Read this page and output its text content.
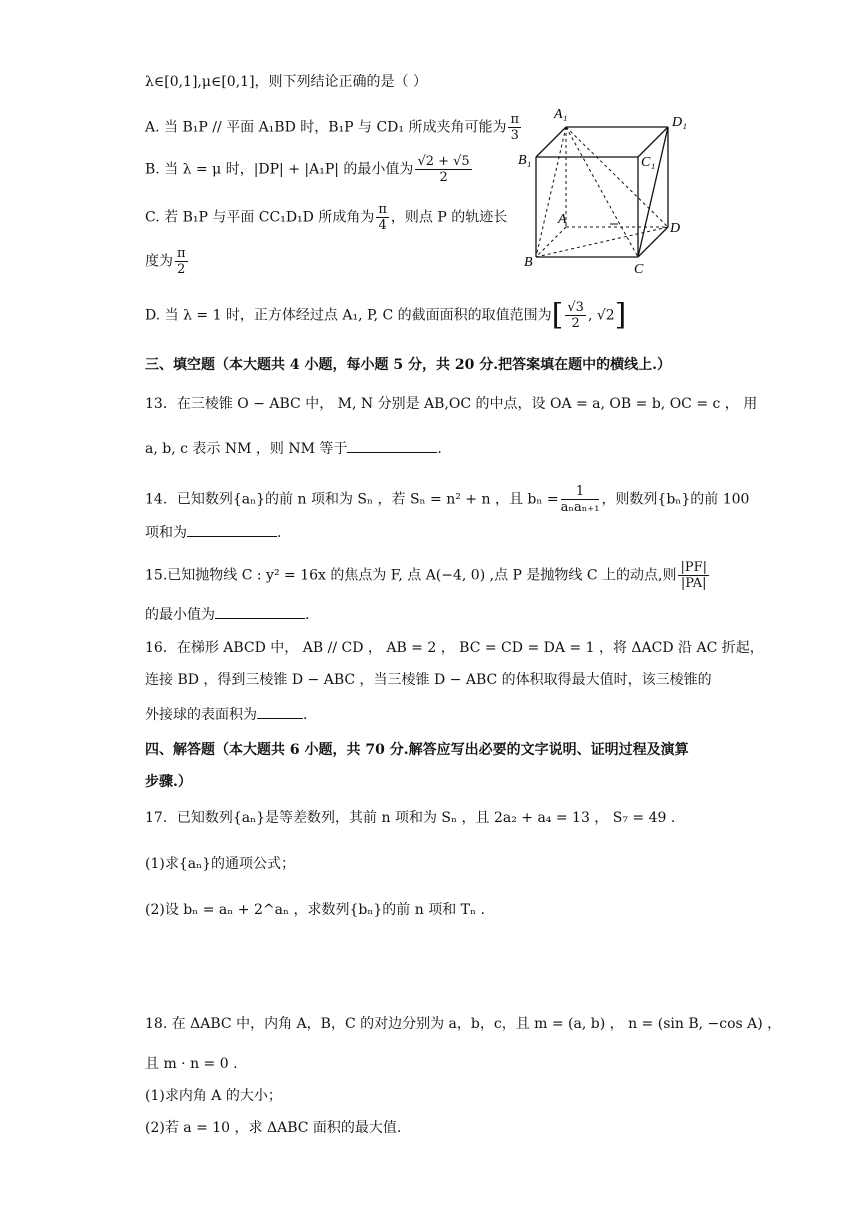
λ∈[0,1],μ∈[0,1]，则下列结论正确的是（ ）
A. 当 B₁P // 平面 A₁BD 时，B₁P 与 CD₁ 所成夹角可能为 $\frac{\pi}{3}$
B. 当 λ = μ 时，|DP| + |A₁P| 的最小值为 $\frac{√2 + √5}{2}$
C. 若 B₁P 与平面 CC₁D₁D 所成角为 $\frac{\pi}{4}$ ，则点 P 的轨迹长
度为 $\frac{\pi}{2}$
D. 当 λ = 1 时，正方体经过点 A₁, P, C 的截面面积的取值范围为[ $\frac{√3}{2}$ , √2]
A₁
D₁
B₁	C₁
A
D
B	C
三、填空题（本大题共 4 小题，每小题 5 分，共 20 分.把答案填在题中的横线上.）
13．在三棱锥 O − ABC 中， M, N 分别是 AB,OC 的中点，设 OA = a, OB = b, OC = c ， 用
a, b, c 表示 NM ，则 NM 等于	.
14．已知数列{aₙ}的前 n 项和为 Sₙ ，若 Sₙ = n² + n ，且 $b_n = \frac{1}{\text{aₙaₙ₊₁}}$ ，则数列{bₙ}的前 100
项和为	.
15.已知抛物线 C : y² = 16x 的焦点为 F, 点 A(−4, 0) ,点 P 是抛物线 C 上的动点,则 $\frac{|PF|}{|PA|}$
的最小值为	.
16．在梯形 ABCD 中， AB // CD ， AB = 2 ， BC = CD = DA = 1 ，将 ΔACD 沿 AC 折起，
连接 BD ，得到三棱锥 D − ABC ，当三棱锥 D − ABC 的体积取得最大值时，该三棱锥的
外接球的表面积为	.
四、解答题（本大题共 6 小题，共 70 分.解答应写出必要的文字说明、证明过程及演算
步骤.）
17．已知数列{aₙ}是等差数列，其前 n 项和为 Sₙ ，且 2a₂ + a₄ = 13 ， S₇ = 49 .
(1)求{aₙ}的通项公式；
(2)设 bₙ = aₙ + 2^aₙ ，求数列{bₙ}的前 n 项和 Tₙ .
18. 在 ΔABC 中，内角 A，B，C 的对边分别为 a，b，c，且 m = (a, b) ， n = (sin B, −cos A) ，
且 m · n = 0 .
(1)求内角 A 的大小；
(2)若 a = 10 ，求 ΔABC 面积的最大值.
